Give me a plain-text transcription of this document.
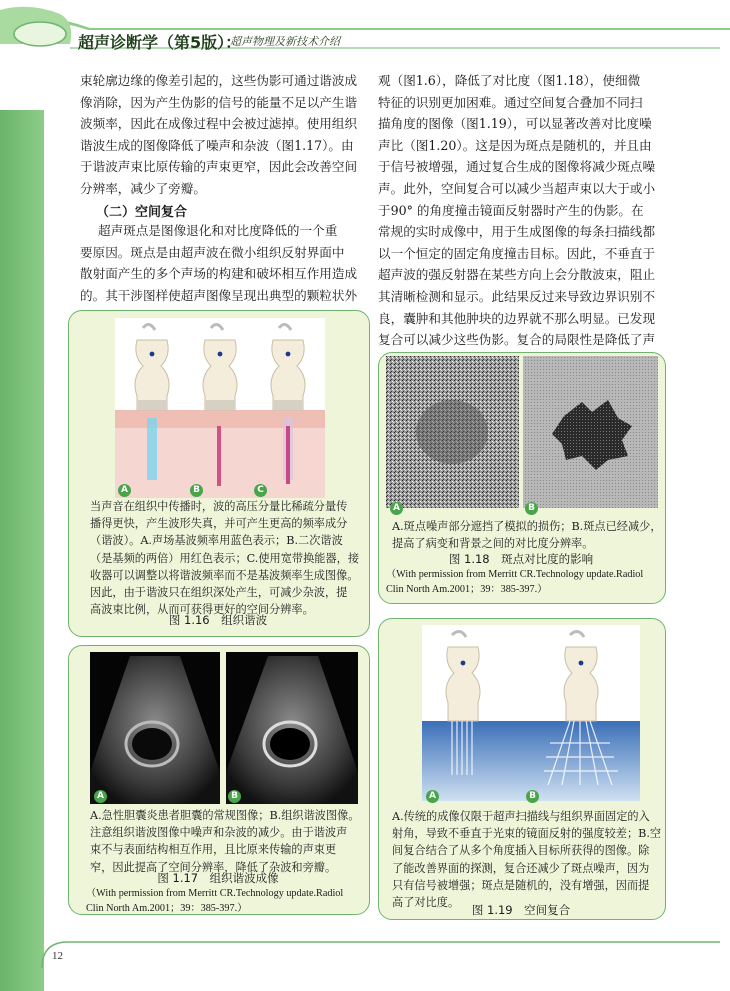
超声诊断学（第5版）：
超声物理及新技术介绍
束轮廓边缘的像差引起的，这些伪影可通过谐波成
像消除，因为产生伪影的信号的能量不足以产生谐
波频率，因此在成像过程中会被过滤掉。使用组织
谐波生成的图像降低了噪声和杂波（图1.17）。由
于谐波声束比原传输的声束更窄，因此会改善空间
分辨率，减少了旁瓣。
（二）空间复合
超声斑点是图像退化和对比度降低的一个重
要原因。斑点是由超声波在微小组织反射界面中
散射面产生的多个声场的构建和破坏相互作用造成
的。其干涉图样使超声图像呈现出典型的颗粒状外
观（图1.6），降低了对比度（图1.18），使细微
特征的识别更加困难。通过空间复合叠加不同扫
描角度的图像（图1.19），可以显著改善对比度噪
声比（图1.20）。这是因为斑点是随机的，并且由
于信号被增强，通过复合生成的图像将减少斑点噪
声。此外，空间复合可以减少当超声束以大于或小
于90° 的角度撞击镜面反射器时产生的伪影。在
常规的实时成像中，用于生成图像的每条扫描线都
以一个恒定的固定角度撞击目标。因此，不垂直于
超声波的强反射器在某些方向上会分散波束，阻止
其清晰检测和显示。此结果反过来导致边界识别不
良，囊肿和其他肿块的边界就不那么明显。已发现
复合可以减少这些伪影。复合的局限性是降低了声
A	B	C
当声音在组织中传播时，波的高压分量比稀疏分量传
播得更快，产生波形失真，并可产生更高的频率成分
（谐波）。A.声场基波频率用蓝色表示；B.二次谐波
（是基频的两倍）用红色表示；C.使用宽带换能器，接
收器可以调整以将谐波频率而不是基波频率生成图像。
因此，由于谐波只在组织深处产生，可减少杂波，提
高波束比例，从而可获得更好的空间分辨率。
图 1.16　组织谐波
A	B
A.急性胆囊炎患者胆囊的常规图像；B.组织谐波图像。
注意组织谐波图像中噪声和杂波的减少。由于谐波声
束不与表面结构相互作用，且比原来传输的声束更
窄，因此提高了空间分辨率，降低了杂波和旁瓣。
图 1.17　组织谐波成像
（With permission from Merritt CR.Technology update.Radiol
Clin North Am.2001；39：385-397.）
A	B
A.斑点噪声部分遮挡了模拟的损伤；B.斑点已经减少，
提高了病变和背景之间的对比度分辨率。
图 1.18　斑点对比度的影响
（With permission from Merritt CR.Technology update.Radiol
Clin North Am.2001；39：385-397.）
A	B
A.传统的成像仅限于超声扫描线与组织界面固定的入
射角，导致不垂直于光束的镜面反射的强度较差；B.空
间复合结合了从多个角度插入目标所获得的图像。除
了能改善界面的探测，复合还减少了斑点噪声，因为
只有信号被增强；斑点是随机的，没有增强，因而提
高了对比度。
图 1.19　空间复合
12
